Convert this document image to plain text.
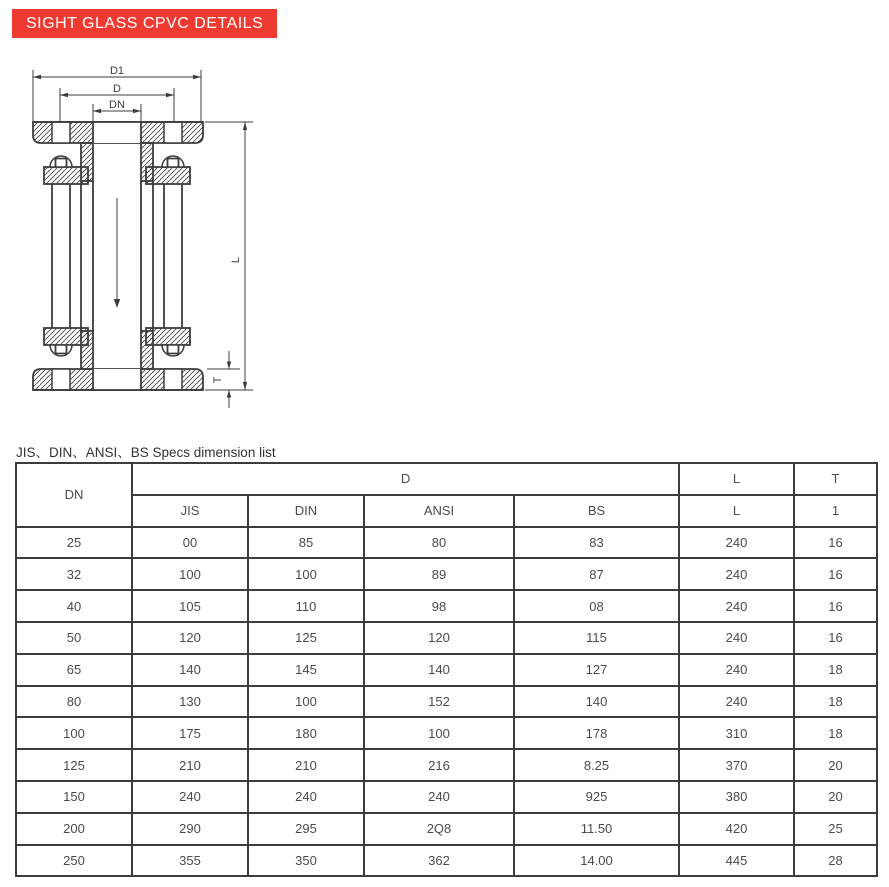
SIGHT GLASS CPVC DETAILS
D1
D
DN
L
T
JIS、DIN、ANSI、BS Specs dimension list
DN	D				L	T
	JIS	DIN	ANSI	BS	L	1
25	00	85	80	83	240	16
32	100	100	89	87	240	16
40	105	110	98	08	240	16
50	120	125	120	115	240	16
65	140	145	140	127	240	18
80	130	100	152	140	240	18
100	175	180	100	178	310	18
125	210	210	216	8.25	370	20
150	240	240	240	925	380	20
200	290	295	2Q8	11.50	420	25
250	355	350	362	14.00	445	28
